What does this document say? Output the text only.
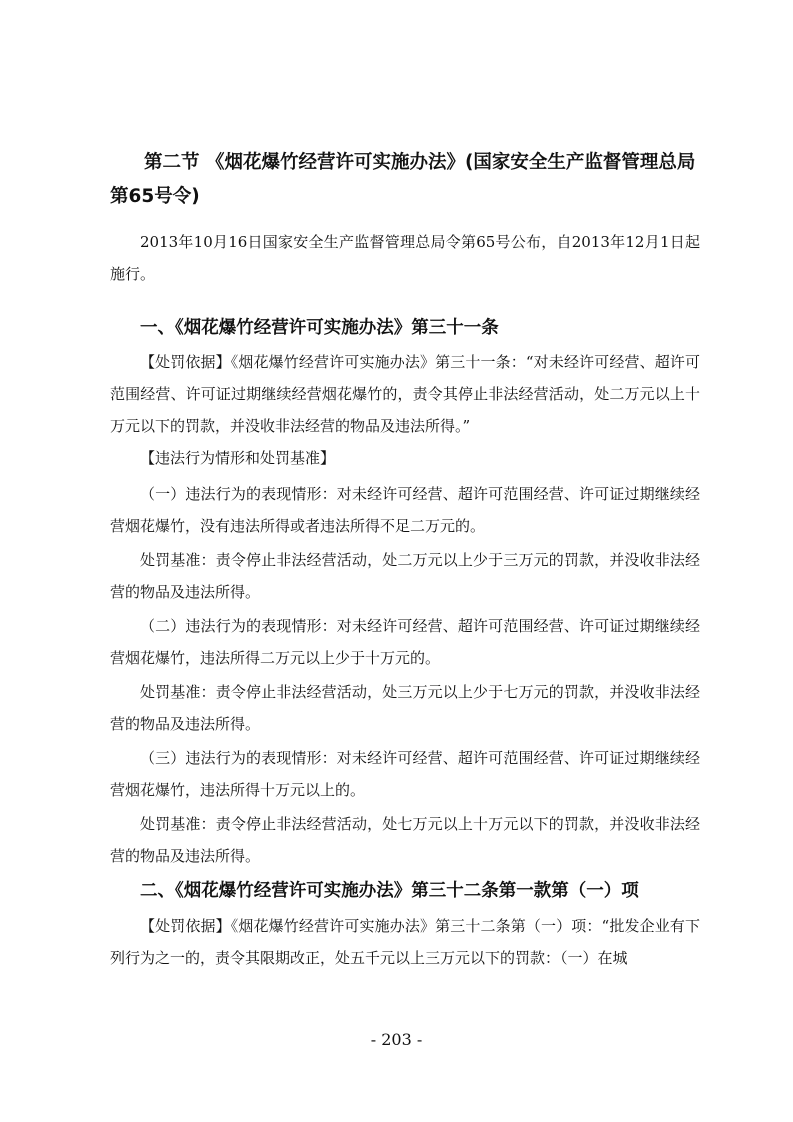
第二节 《烟花爆竹经营许可实施办法》(国家安全生产监督管理总局第65号令)

2013年10月16日国家安全生产监督管理总局令第65号公布，自2013年12月1日起施行。

一、《烟花爆竹经营许可实施办法》第三十一条

【处罚依据】《烟花爆竹经营许可实施办法》第三十一条：“对未经许可经营、超许可范围经营、许可证过期继续经营烟花爆竹的，责令其停止非法经营活动，处二万元以上十万元以下的罚款，并没收非法经营的物品及违法所得。”

【违法行为情形和处罚基准】

（一）违法行为的表现情形：对未经许可经营、超许可范围经营、许可证过期继续经营烟花爆竹，没有违法所得或者违法所得不足二万元的。

处罚基准：责令停止非法经营活动，处二万元以上少于三万元的罚款，并没收非法经营的物品及违法所得。

（二）违法行为的表现情形：对未经许可经营、超许可范围经营、许可证过期继续经营烟花爆竹，违法所得二万元以上少于十万元的。

处罚基准：责令停止非法经营活动，处三万元以上少于七万元的罚款，并没收非法经营的物品及违法所得。

（三）违法行为的表现情形：对未经许可经营、超许可范围经营、许可证过期继续经营烟花爆竹，违法所得十万元以上的。

处罚基准：责令停止非法经营活动，处七万元以上十万元以下的罚款，并没收非法经营的物品及违法所得。

二、《烟花爆竹经营许可实施办法》第三十二条第一款第（一）项

【处罚依据】《烟花爆竹经营许可实施办法》第三十二条第（一）项：“批发企业有下列行为之一的，责令其限期改正，处五千元以上三万元以下的罚款：（一）在城

- 203 -
